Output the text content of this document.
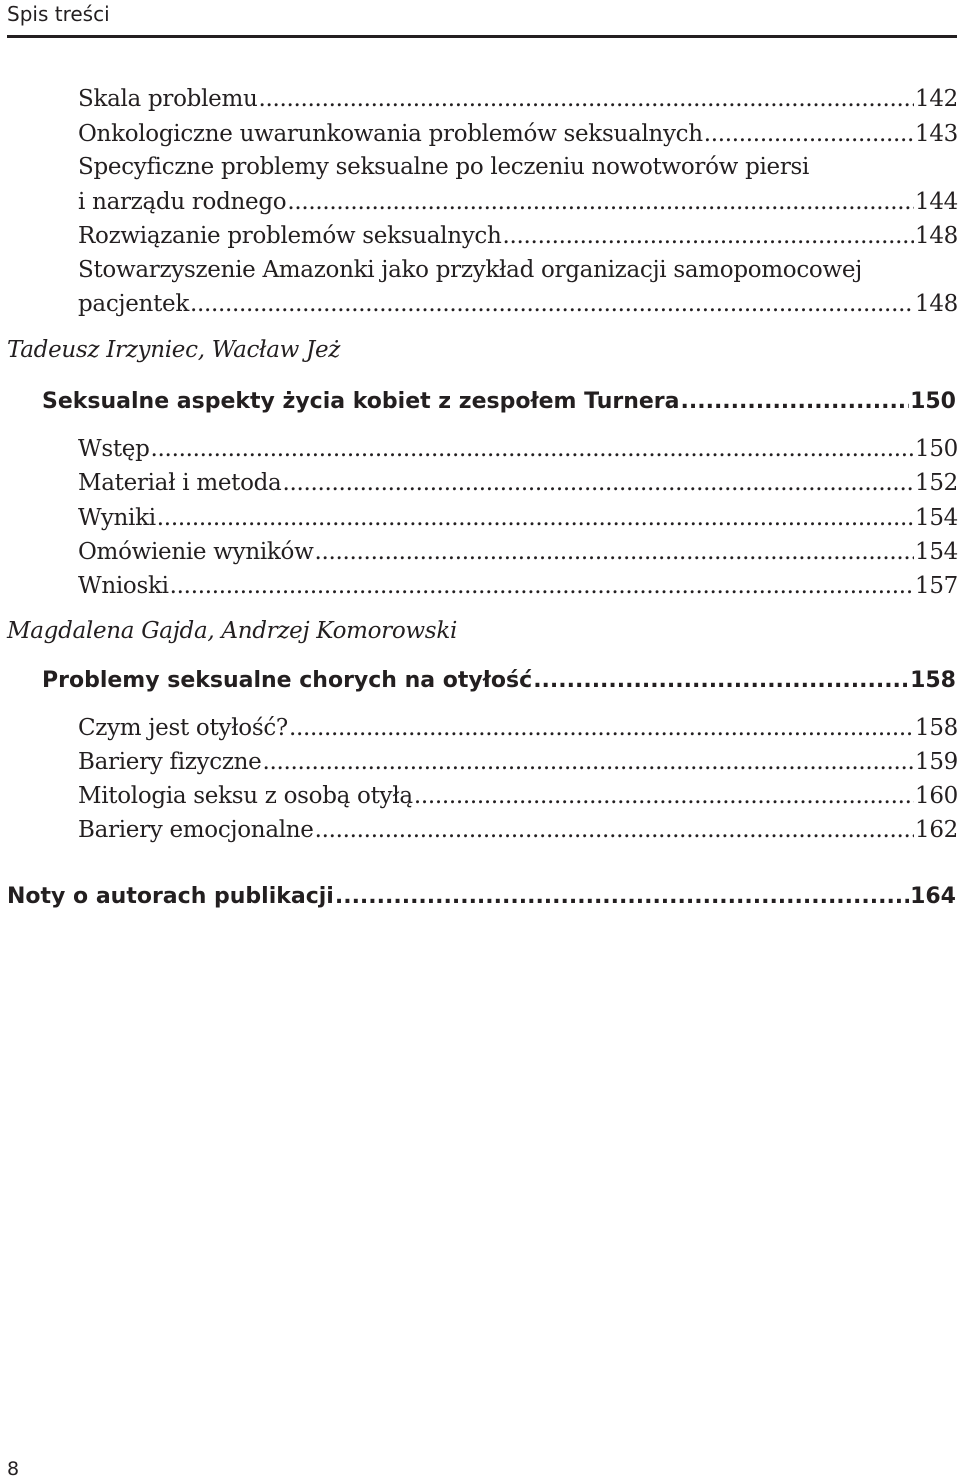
Spis treści
Skala problemu .....	142
Onkologiczne uwarunkowania problemów seksualnych .....	143
Specyficzne problemy seksualne po leczeniu nowotworów piersi
i narządu rodnego .....	144
Rozwiązanie problemów seksualnych .....	148
Stowarzyszenie Amazonki jako przykład organizacji samopomocowej
pacjentek .....	148
Tadeusz Irzyniec, Wacław Jeż
Seksualne aspekty życia kobiet z zespołem Turnera .....	150
Wstęp .....	150
Materiał i metoda .....	152
Wyniki .....	154
Omówienie wyników .....	154
Wnioski .....	157
Magdalena Gajda, Andrzej Komorowski
Problemy seksualne chorych na otyłość .....	158
Czym jest otyłość? .....	158
Bariery fizyczne .....	159
Mitologia seksu z osobą otyłą .....	160
Bariery emocjonalne .....	162
Noty o autorach publikacji .....	164
8
